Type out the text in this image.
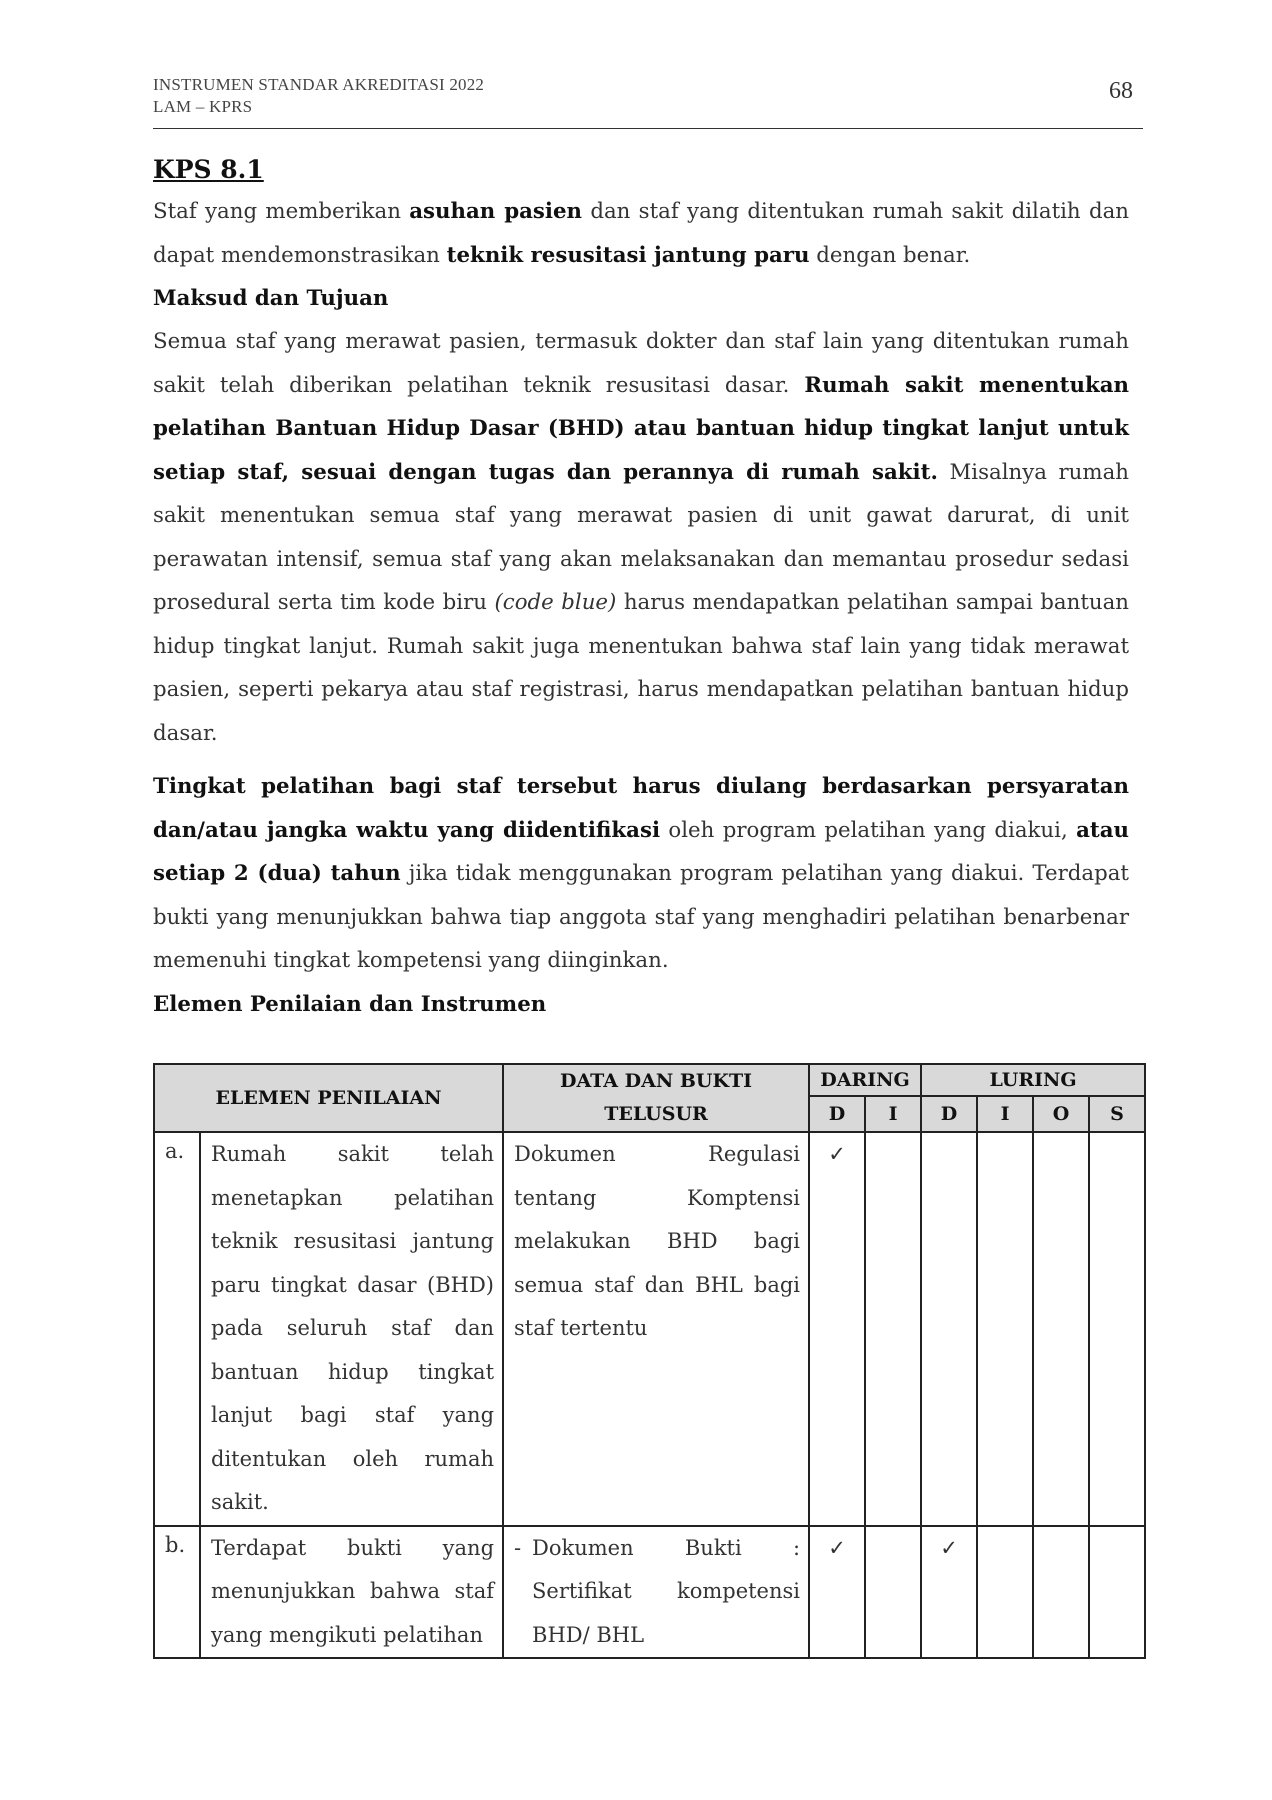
INSTRUMEN STANDAR AKREDITASI 2022
LAM – KPRS
68

KPS 8.1

Staf yang memberikan asuhan pasien dan staf yang ditentukan rumah sakit dilatih dan dapat mendemonstrasikan teknik resusitasi jantung paru dengan benar.

Maksud dan Tujuan

Semua staf yang merawat pasien, termasuk dokter dan staf lain yang ditentukan rumah sakit telah diberikan pelatihan teknik resusitasi dasar. Rumah sakit menentukan pelatihan Bantuan Hidup Dasar (BHD) atau bantuan hidup tingkat lanjut untuk setiap staf, sesuai dengan tugas dan perannya di rumah sakit. Misalnya rumah sakit menentukan semua staf yang merawat pasien di unit gawat darurat, di unit perawatan intensif, semua staf yang akan melaksanakan dan memantau prosedur sedasi prosedural serta tim kode biru (code blue) harus mendapatkan pelatihan sampai bantuan hidup tingkat lanjut. Rumah sakit juga menentukan bahwa staf lain yang tidak merawat pasien, seperti pekarya atau staf registrasi, harus mendapatkan pelatihan bantuan hidup dasar.

Tingkat pelatihan bagi staf tersebut harus diulang berdasarkan persyaratan dan/atau jangka waktu yang diidentifikasi oleh program pelatihan yang diakui, atau setiap 2 (dua) tahun jika tidak menggunakan program pelatihan yang diakui. Terdapat bukti yang menunjukkan bahwa tiap anggota staf yang menghadiri pelatihan benarbenar memenuhi tingkat kompetensi yang diinginkan.

Elemen Penilaian dan Instrumen

ELEMEN PENILAIAN		DATA DAN BUKTI TELUSUR	DARING		LURING			
			D	I	D	I	O	S
a.	Rumah sakit telah menetapkan pelatihan teknik resusitasi jantung paru tingkat dasar (BHD) pada seluruh staf dan bantuan hidup tingkat lanjut bagi staf yang ditentukan oleh rumah sakit.	Dokumen Regulasi tentang Komptensi melakukan BHD bagi semua staf dan BHL bagi staf tertentu	✓					
b.	Terdapat bukti yang menunjukkan bahwa staf yang mengikuti pelatihan	- Dokumen Bukti : Sertifikat kompetensi BHD/ BHL	✓		✓			
